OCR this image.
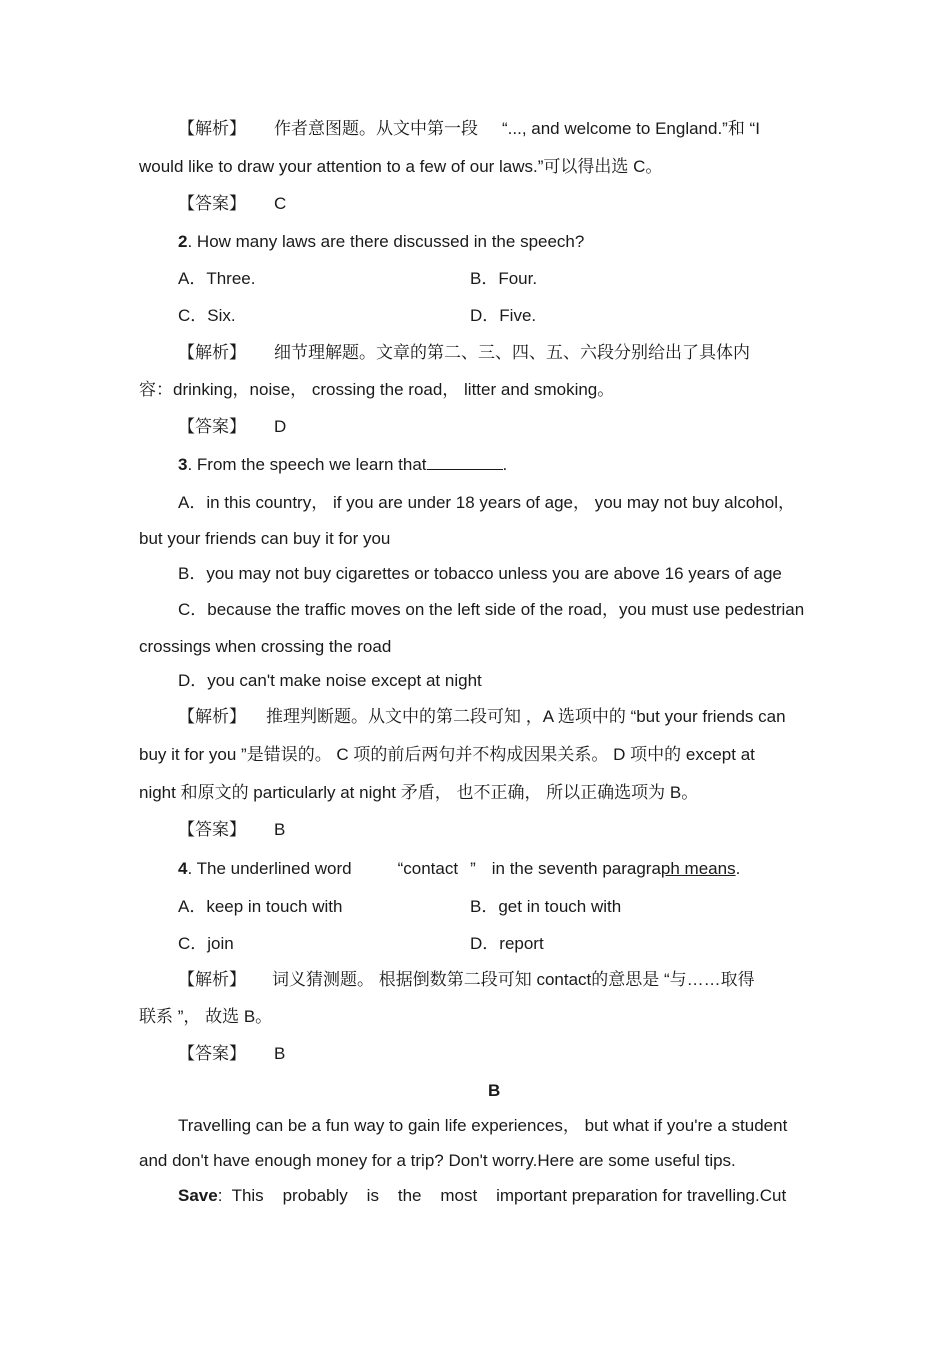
【解析】 作者意图题。从文中第一段 “..., and welcome to England.”和 “I
would like to draw your attention to a few of our laws.”可以得出选 C。
【答案】 C
2. How many laws are there discussed in the speech?
A．Three.	B．Four.
C．Six.	D．Five.
【解析】 细节理解题。文章的第二、三、四、五、六段分别给出了具体内
容：drinking，noise， crossing the road， litter and smoking。
【答案】 D
3. From the speech we learn that	.
A．in this country， if you are under 18 years of age， you may not buy alcohol，
but your friends can buy it for you
B．you may not buy cigarettes or tobacco unless you are above 16 years of age
C．because the traffic moves on the left side of the road，you must use pedestrian
crossings when crossing the road
D．you can't make noise except at night
【解析】 推理判断题。从文中的第二段可知 ，A 选项中的 “but your friends can
buy it for you ”是错误的。 C 项的前后两句并不构成因果关系。 D 项中的 except at
night 和原文的 particularly at night 矛盾， 也不正确， 所以正确选项为 B。
【答案】 B
4. The underlined word	“contact ” in the seventh paragraph means.
A．keep in touch with	B．get in touch with
C．join	D．report
【解析】 词义猜测题。 根据倒数第二段可知 contact的意思是 “与……取得
联系 ”， 故选 B。
【答案】 B
B
Travelling can be a fun way to gain life experiences， but what if you're a student
and don't have enough money for a trip? Don't worry.Here are some useful tips.
Save:  This    probably    is    the    most    important preparation for travelling.Cut
